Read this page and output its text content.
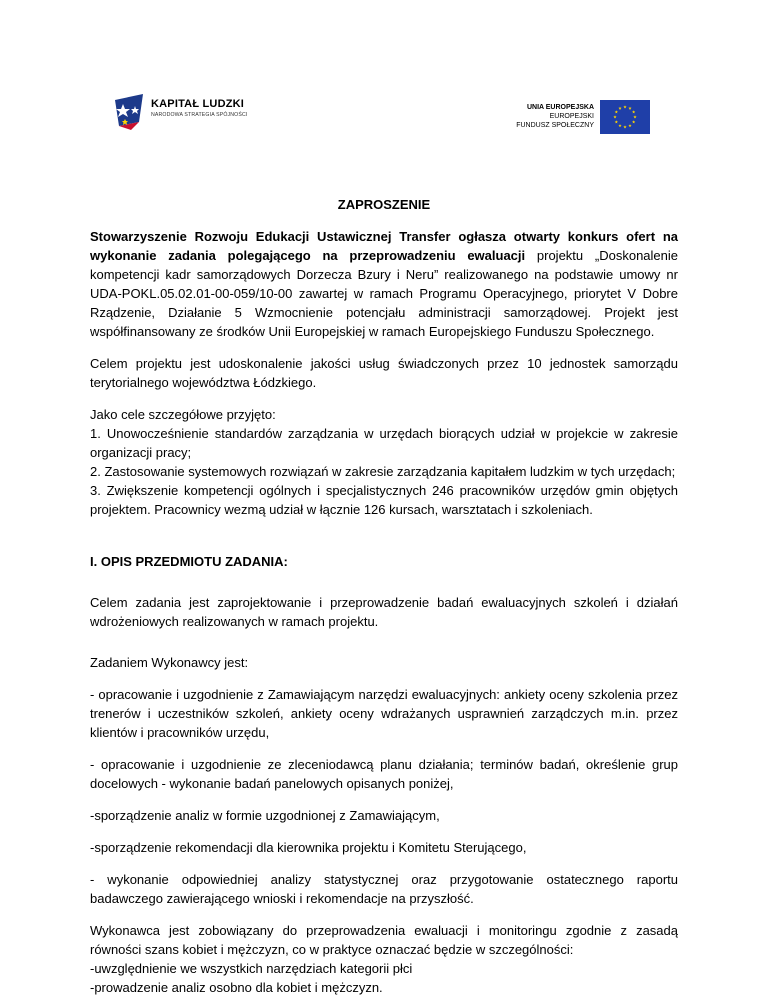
KAPITAŁ LUDZKI
NARODOWA STRATEGIA SPÓJNOŚCI
UNIA EUROPEJSKA
EUROPEJSKI
FUNDUSZ SPOŁECZNY

ZAPROSZENIE

Stowarzyszenie Rozwoju Edukacji Ustawicznej Transfer ogłasza otwarty konkurs ofert na wykonanie zadania polegającego na przeprowadzeniu ewaluacji projektu „Doskonalenie kompetencji kadr samorządowych Dorzecza Bzury i Neru” realizowanego na podstawie umowy nr UDA-POKL.05.02.01-00-059/10-00 zawartej w ramach Programu Operacyjnego, priorytet V Dobre Rządzenie, Działanie 5 Wzmocnienie potencjału administracji samorządowej. Projekt jest współfinansowany ze środków Unii Europejskiej w ramach Europejskiego Funduszu Społecznego.

Celem projektu jest udoskonalenie jakości usług świadczonych przez 10 jednostek samorządu terytorialnego województwa Łódzkiego.

Jako cele szczegółowe przyjęto:

1. Unowocześnienie standardów zarządzania w urzędach biorących udział w projekcie w zakresie organizacji pracy;

2. Zastosowanie systemowych rozwiązań w zakresie zarządzania kapitałem ludzkim w tych urzędach;

3. Zwiększenie kompetencji ogólnych i specjalistycznych 246 pracowników urzędów gmin objętych projektem. Pracownicy wezmą udział w łącznie 126 kursach, warsztatach i szkoleniach.

I. OPIS PRZEDMIOTU ZADANIA:

Celem zadania jest zaprojektowanie i przeprowadzenie badań ewaluacyjnych szkoleń i działań wdrożeniowych realizowanych w ramach projektu.

Zadaniem Wykonawcy jest:

- opracowanie i uzgodnienie z Zamawiającym narzędzi ewaluacyjnych: ankiety oceny szkolenia przez trenerów i uczestników szkoleń, ankiety oceny wdrażanych usprawnień zarządczych m.in. przez klientów i pracowników urzędu,

- opracowanie i uzgodnienie ze zleceniodawcą planu działania; terminów badań, określenie grup docelowych - wykonanie badań panelowych opisanych poniżej,

-sporządzenie analiz w formie uzgodnionej z Zamawiającym,

-sporządzenie rekomendacji dla kierownika projektu i Komitetu Sterującego,

- wykonanie odpowiedniej analizy statystycznej oraz przygotowanie ostatecznego raportu badawczego zawierającego wnioski i rekomendacje na przyszłość.

Wykonawca jest zobowiązany do przeprowadzenia ewaluacji i monitoringu zgodnie z zasadą równości szans kobiet i mężczyzn, co w praktyce oznaczać będzie w szczególności:

-uwzględnienie we wszystkich narzędziach kategorii płci

-prowadzenie analiz osobno dla kobiet i mężczyzn.
